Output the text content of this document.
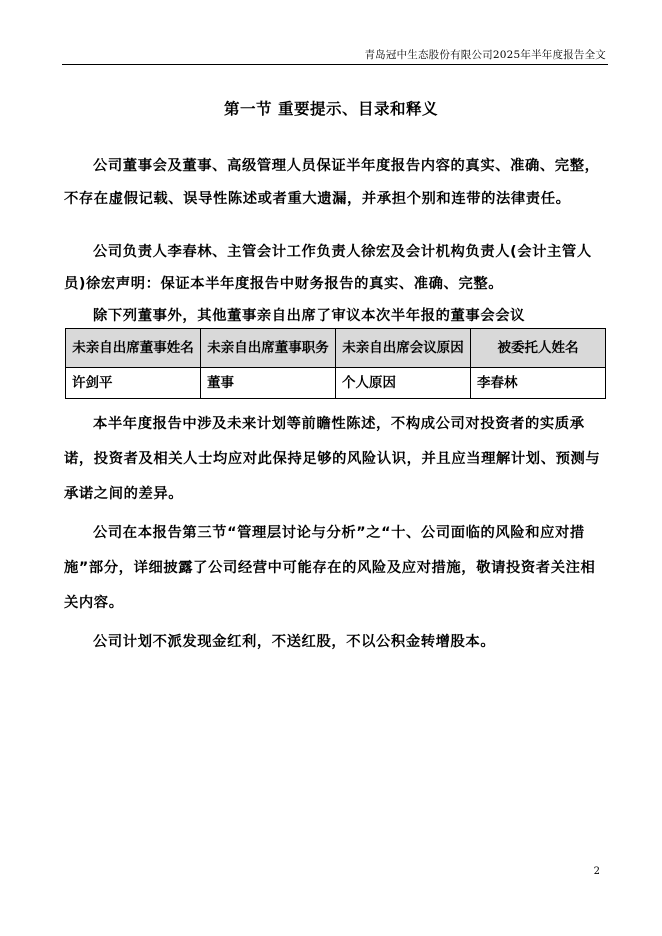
青岛冠中生态股份有限公司2025年半年度报告全文
第一节 重要提示、目录和释义

公司董事会及董事、高级管理人员保证半年度报告内容的真实、准确、完整，不存在虚假记载、误导性陈述或者重大遗漏，并承担个别和连带的法律责任。

公司负责人李春林、主管会计工作负责人徐宏及会计机构负责人(会计主管人员)徐宏声明：保证本半年度报告中财务报告的真实、准确、完整。

除下列董事外，其他董事亲自出席了审议本次半年报的董事会会议

未亲自出席董事姓名	未亲自出席董事职务	未亲自出席会议原因	被委托人姓名
许剑平	董事	个人原因	李春林

本半年度报告中涉及未来计划等前瞻性陈述，不构成公司对投资者的实质承诺，投资者及相关人士均应对此保持足够的风险认识，并且应当理解计划、预测与承诺之间的差异。

公司在本报告第三节“管理层讨论与分析”之“十、公司面临的风险和应对措施”部分，详细披露了公司经营中可能存在的风险及应对措施，敬请投资者关注相关内容。

公司计划不派发现金红利，不送红股，不以公积金转增股本。

2
